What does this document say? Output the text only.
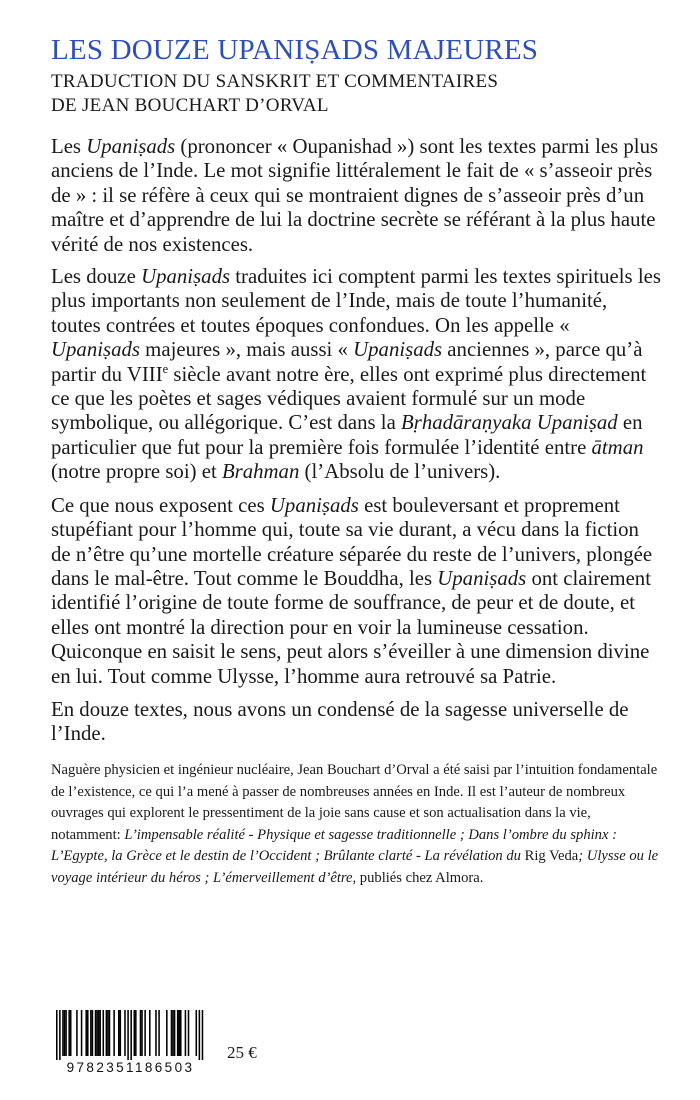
LES DOUZE UPANIṢADS MAJEURES
TRADUCTION DU SANSKRIT ET COMMENTAIRES
DE JEAN BOUCHART D’ORVAL

Les Upaniṣads (prononcer « Oupanishad ») sont les textes parmi les plus anciens de l’Inde. Le mot signifie littéralement le fait de « s’asseoir près de » : il se réfère à ceux qui se montraient dignes de s’asseoir près d’un maître et d’apprendre de lui la doctrine secrète se référant à la plus haute vérité de nos existences.

Les douze Upaniṣads traduites ici comptent parmi les textes spirituels les plus importants non seulement de l’Inde, mais de toute l’humanité, toutes contrées et toutes époques confondues. On les appelle « Upaniṣads majeures », mais aussi « Upaniṣads anciennes », parce qu’à partir du VIIIe siècle avant notre ère, elles ont exprimé plus directement ce que les poètes et sages védiques avaient formulé sur un mode symbolique, ou allégorique. C’est dans la Bṛhadāraṇyaka Upaniṣad en particulier que fut pour la première fois formulée l’identité entre ātman (notre propre soi) et Brahman (l’Absolu de l’univers).

Ce que nous exposent ces Upaniṣads est bouleversant et proprement stupéfiant pour l’homme qui, toute sa vie durant, a vécu dans la fiction de n’être qu’une mortelle créature séparée du reste de l’univers, plongée dans le mal-être. Tout comme le Bouddha, les Upaniṣads ont clairement identifié l’origine de toute forme de souffrance, de peur et de doute, et elles ont montré la direction pour en voir la lumineuse cessation. Quiconque en saisit le sens, peut alors s’éveiller à une dimension divine en lui. Tout comme Ulysse, l’homme aura retrouvé sa Patrie.

En douze textes, nous avons un condensé de la sagesse universelle de l’Inde.

Naguère physicien et ingénieur nucléaire, Jean Bouchart d’Orval a été saisi par l’intuition fondamentale de l’existence, ce qui l’a mené à passer de nombreuses années en Inde. Il est l’auteur de nombreux ouvrages qui explorent le pressentiment de la joie sans cause et son actualisation dans la vie, notamment: L’impensable réalité - Physique et sagesse traditionnelle ; Dans l’ombre du sphinx : L’Egypte, la Grèce et le destin de l’Occident ; Brûlante clarté - La révélation du Rig Veda; Ulysse ou le voyage intérieur du héros ; L’émerveillement d’être, publiés chez Almora.

9782351186503
25 €
